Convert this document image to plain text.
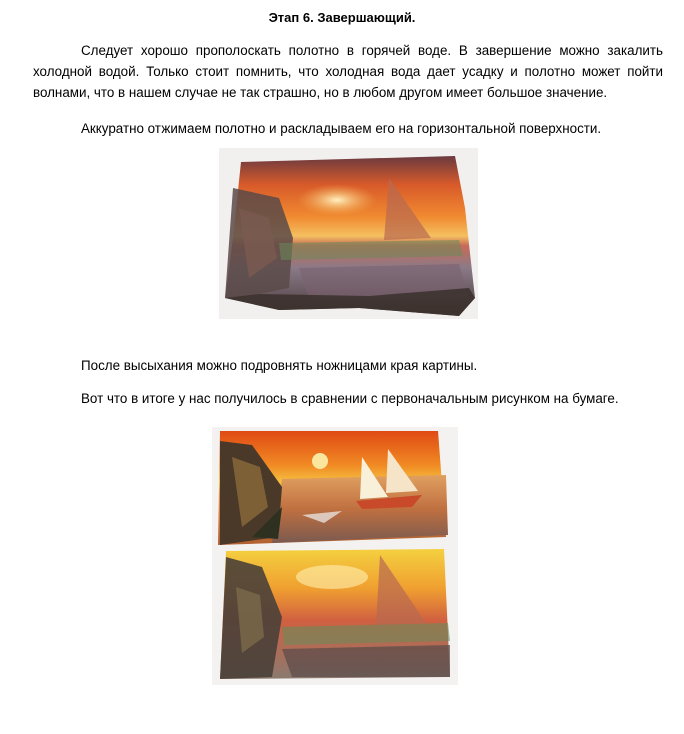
Этап 6. Завершающий.

Следует хорошо прополоскать полотно в горячей воде. В завершение можно закалить холодной водой. Только стоит помнить, что холодная вода дает усадку и полотно может пойти волнами, что в нашем случае не так страшно, но в любом другом имеет большое значение.

Аккуратно отжимаем полотно и раскладываем его на горизонтальной поверхности.

После высыхания можно подровнять ножницами края картины.

Вот что в итоге у нас получилось в сравнении с первоначальным рисунком на бумаге.
